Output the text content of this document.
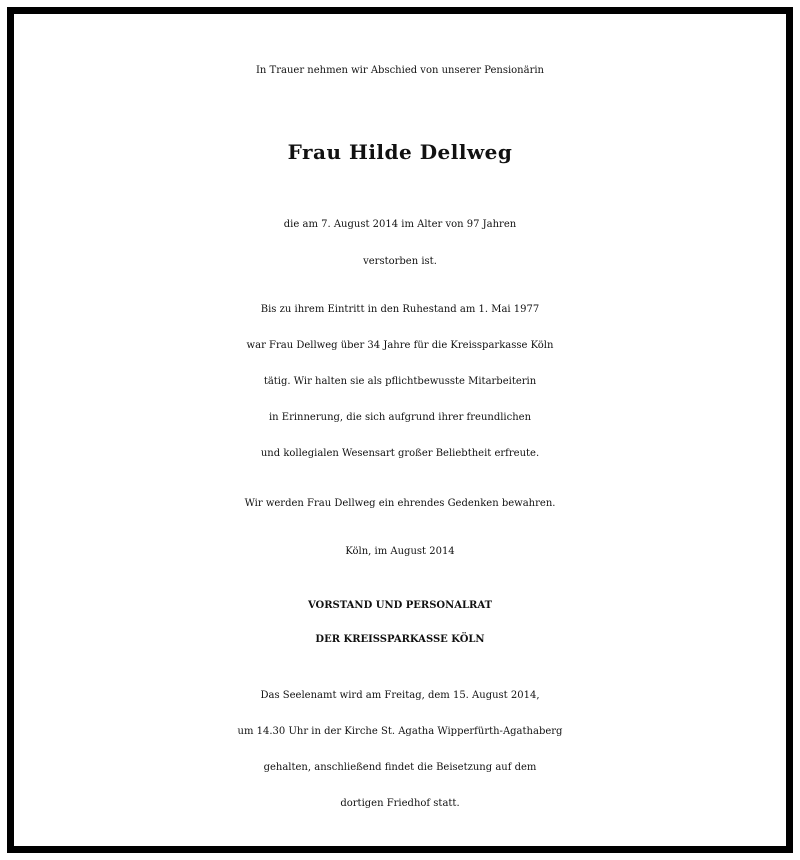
In Trauer nehmen wir Abschied von unserer Pensionärin
Frau Hilde Dellweg
die am 7. August 2014 im Alter von 97 Jahren
verstorben ist.
Bis zu ihrem Eintritt in den Ruhestand am 1. Mai 1977
war Frau Dellweg über 34 Jahre für die Kreissparkasse Köln
tätig. Wir halten sie als pflichtbewusste Mitarbeiterin
in Erinnerung, die sich aufgrund ihrer freundlichen
und kollegialen Wesensart großer Beliebtheit erfreute.
Wir werden Frau Dellweg ein ehrendes Gedenken bewahren.
Köln, im August 2014
VORSTAND UND PERSONALRAT
DER KREISSPARKASSE KÖLN
Das Seelenamt wird am Freitag, dem 15. August 2014,
um 14.30 Uhr in der Kirche St. Agatha Wipperfürth-Agathaberg
gehalten, anschließend findet die Beisetzung auf dem
dortigen Friedhof statt.
